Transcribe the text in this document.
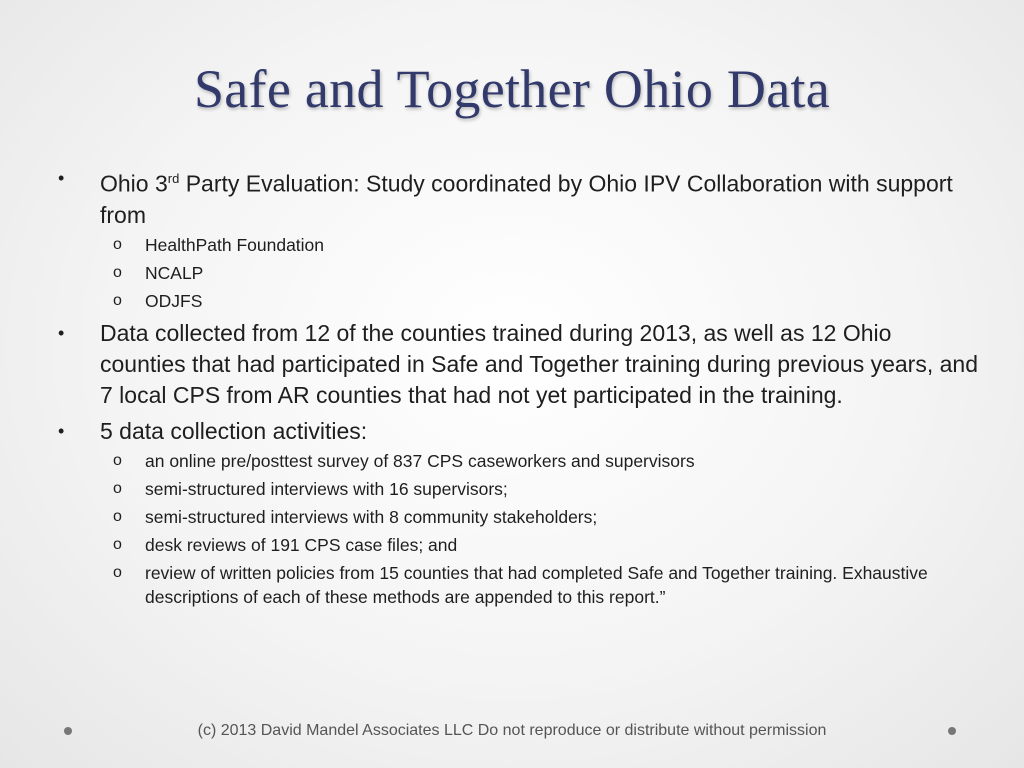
Safe and Together Ohio Data
• Ohio 3rd Party Evaluation: Study coordinated by Ohio IPV Collaboration with support from
o HealthPath Foundation
o NCALP
o ODJFS
• Data collected from 12 of the counties trained during 2013, as well as 12 Ohio counties that had participated in Safe and Together training during previous years, and 7 local CPS from AR counties that had not yet participated in the training.
• 5 data collection activities:
o an online pre/posttest survey of 837 CPS caseworkers and supervisors
o semi-structured interviews with 16 supervisors;
o semi-structured interviews with 8 community stakeholders;
o desk reviews of 191 CPS case files; and
o review of written policies from 15 counties that had completed Safe and Together training. Exhaustive descriptions of each of these methods are appended to this report.”
(c) 2013 David Mandel Associates LLC Do not reproduce or distribute without permission
